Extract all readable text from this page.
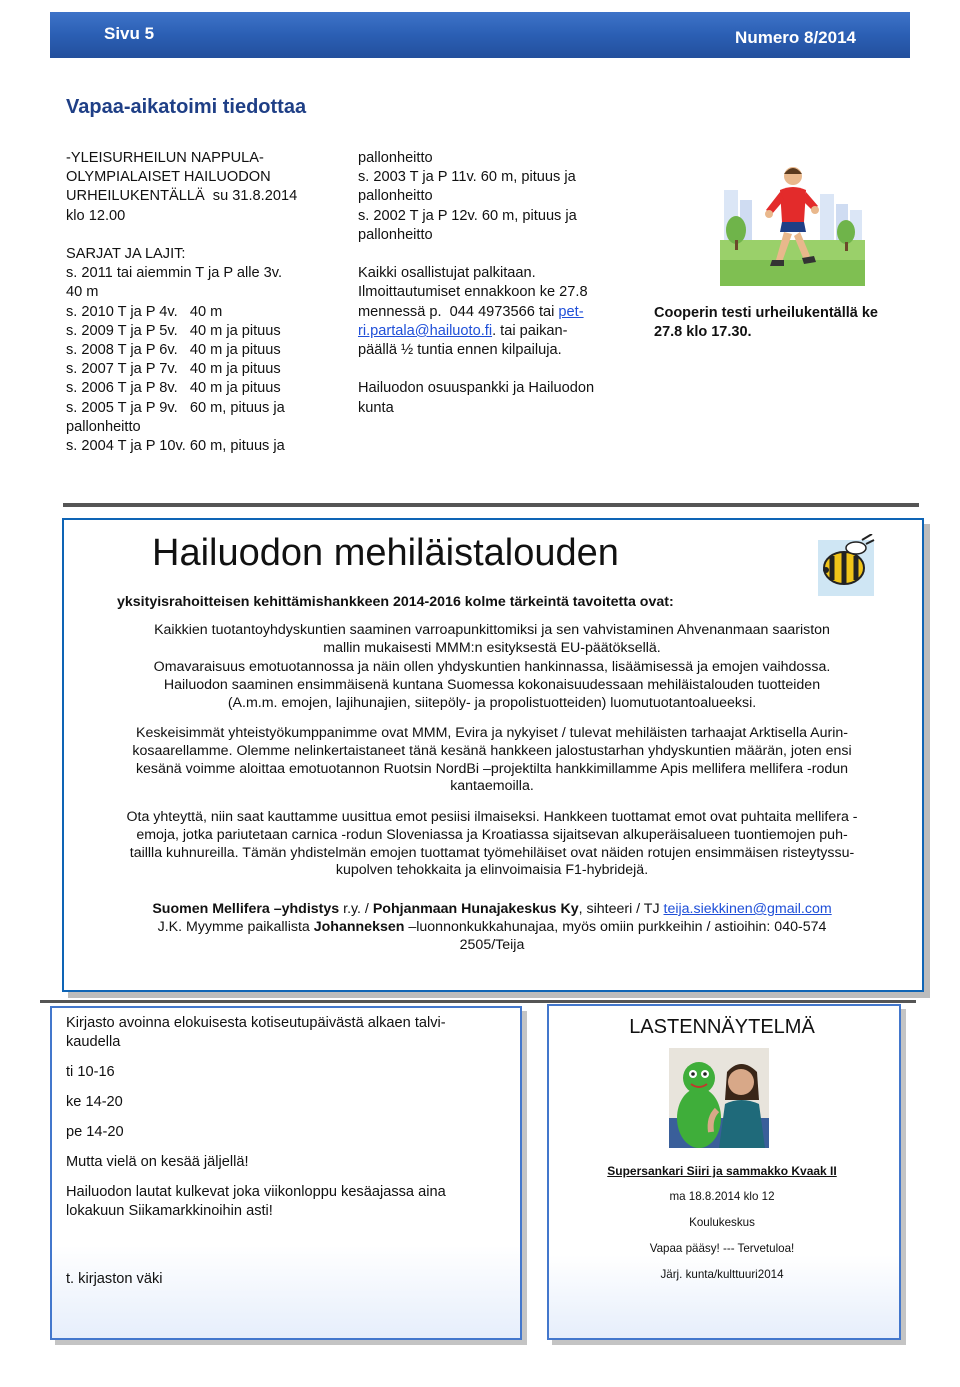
Sivu 5	Numero 8/2014
Vapaa-aikatoimi tiedottaa
-YLEISURHEILUN NAPPULA-
OLYMPIALAISET HAILUODON
URHEILUKENTÄLLÄ  su 31.8.2014
klo 12.00

SARJAT JA LAJIT:
s. 2011 tai aiemmin T ja P alle 3v.
40 m
s. 2010 T ja P 4v.   40 m
s. 2009 T ja P 5v.   40 m ja pituus
s. 2008 T ja P 6v.   40 m ja pituus
s. 2007 T ja P 7v.   40 m ja pituus
s. 2006 T ja P 8v.   40 m ja pituus
s. 2005 T ja P 9v.   60 m, pituus ja
pallonheitto
s. 2004 T ja P 10v. 60 m, pituus ja
pallonheitto
s. 2003 T ja P 11v. 60 m, pituus ja
pallonheitto
s. 2002 T ja P 12v. 60 m, pituus ja
pallonheitto

Kaikki osallistujat palkitaan.
Ilmoittautumiset ennakkoon ke 27.8
mennessä p.  044 4973566 tai pet-
ri.partala@hailuoto.fi. tai paikan-
päällä ½ tuntia ennen kilpailuja.

Hailuodon osuuspankki ja Hailuodon
kunta
Cooperin testi urheilukentällä ke
27.8 klo 17.30.
Hailuodon mehiläistalouden
yksityisrahoitteisen kehittämishankkeen 2014-2016 kolme tärkeintä tavoitetta ovat:
Kaikkien tuotantoyhdyskuntien saaminen varroapunkittomiksi ja sen vahvistaminen Ahvenanmaan saariston
mallin mukaisesti MMM:n esityksestä EU-päätöksellä.
Omavaraisuus emotuotannossa ja näin ollen yhdyskuntien hankinnassa, lisäämisessä ja emojen vaihdossa.
Hailuodon saaminen ensimmäisenä kuntana Suomessa kokonaisuudessaan mehiläistalouden tuotteiden
(A.m.m. emojen, lajihunajien, siitepöly- ja propolistuotteiden) luomutuotantoalueeksi.
Keskeisimmät yhteistyökumppanimme ovat MMM, Evira ja nykyiset / tulevat mehiläisten tarhaajat Arktisella Aurin-
kosaarellamme. Olemme nelinkertaistaneet tänä kesänä hankkeen jalostustarhan yhdyskuntien määrän, joten ensi
kesänä voimme aloittaa emotuotannon Ruotsin NordBi –projektilta hankkimillamme Apis mellifera mellifera -rodun
kantaemoilla.
Ota yhteyttä, niin saat kauttamme uusittua emot pesiisi ilmaiseksi. Hankkeen tuottamat emot ovat puhtaita mellifera -
emoja, jotka pariutetaan carnica -rodun Sloveniassa ja Kroatiassa sijaitsevan alkuperäisalueen tuontiemojen puh-
taillla kuhnureilla. Tämän yhdistelmän emojen tuottamat työmehiläiset ovat näiden rotujen ensimmäisen risteytyssu-
kupolven tehokkaita ja elinvoimaisia F1-hybridejä.
Suomen Mellifera –yhdistys r.y. / Pohjanmaan Hunajakeskus Ky, sihteeri / TJ teija.siekkinen@gmail.com
J.K. Myymme paikallista Johanneksen –luonnonkukkahunajaa, myös omiin purkkeihin / astioihin: 040-574
2505/Teija
Kirjasto avoinna elokuisesta kotiseutupäivästä alkaen talvi-
kaudella
ti 10-16
ke 14-20
pe 14-20
Mutta vielä on kesää jäljellä!
Hailuodon lautat kulkevat joka viikonloppu kesäajassa aina
lokakuun Siikamarkkinoihin asti!
t. kirjaston väki
LASTENNÄYTELMÄ
Supersankari Siiri ja sammakko Kvaak II
ma 18.8.2014 klo 12
Koulukeskus
Vapaa pääsy! --- Tervetuloa!
Järj. kunta/kulttuuri2014
